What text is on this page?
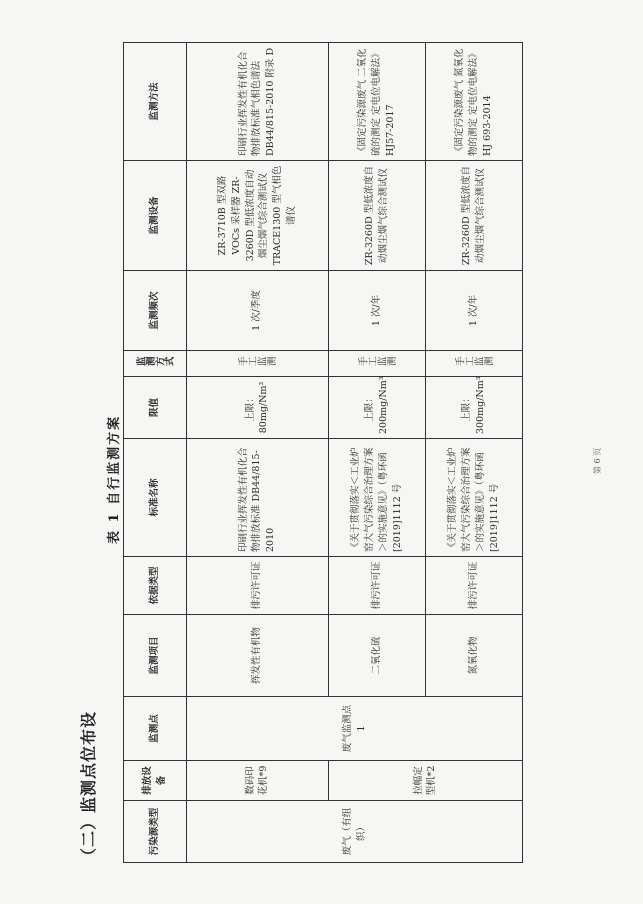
（二）监测点位布设
表 1 自行监测方案
污染源类型	排放设备	监测点	监测项目	依据类型	标准名称	限值	监测方式	监测频次	监测设备	监测方法
废气（有组织）	数码印花机*9	废气监测点 1	挥发性有机物	排污许可证	印刷行业挥发性有机化合物排放标准 DB44/815-2010	上限：80mg/Nm³	手工监测	1 次/季度	ZR-3710B 型双路VOCs 采样器 ZR-3260D 型低浓度自动烟尘烟气综合测试仪 TRACE1300 型气相色谱仪	印刷行业挥发性有机化合物排放标准气相色谱法 DB44/815-2010 附录 D
	拉幅定型机*2		二氧化硫	排污许可证	《关于贯彻落实＜工业炉窑大气污染综合治理方案＞的实施意见》（粤环函[2019]1112 号	上限：200mg/Nm³	手工监测	1 次/年	ZR-3260D 型低浓度自动烟尘烟气综合测试仪	《固定污染源废气 二氧化硫的测定 定电位电解法》HJ57-2017
			氮氧化物	排污许可证	《关于贯彻落实＜工业炉窑大气污染综合治理方案＞的实施意见》（粤环函[2019]1112 号	上限：300mg/Nm³	手工监测	1 次/年	ZR-3260D 型低浓度自动烟尘烟气综合测试仪	《固定污染源废气 氮氧化物的测定 定电位电解法》HJ 693-2014
第 6 页
